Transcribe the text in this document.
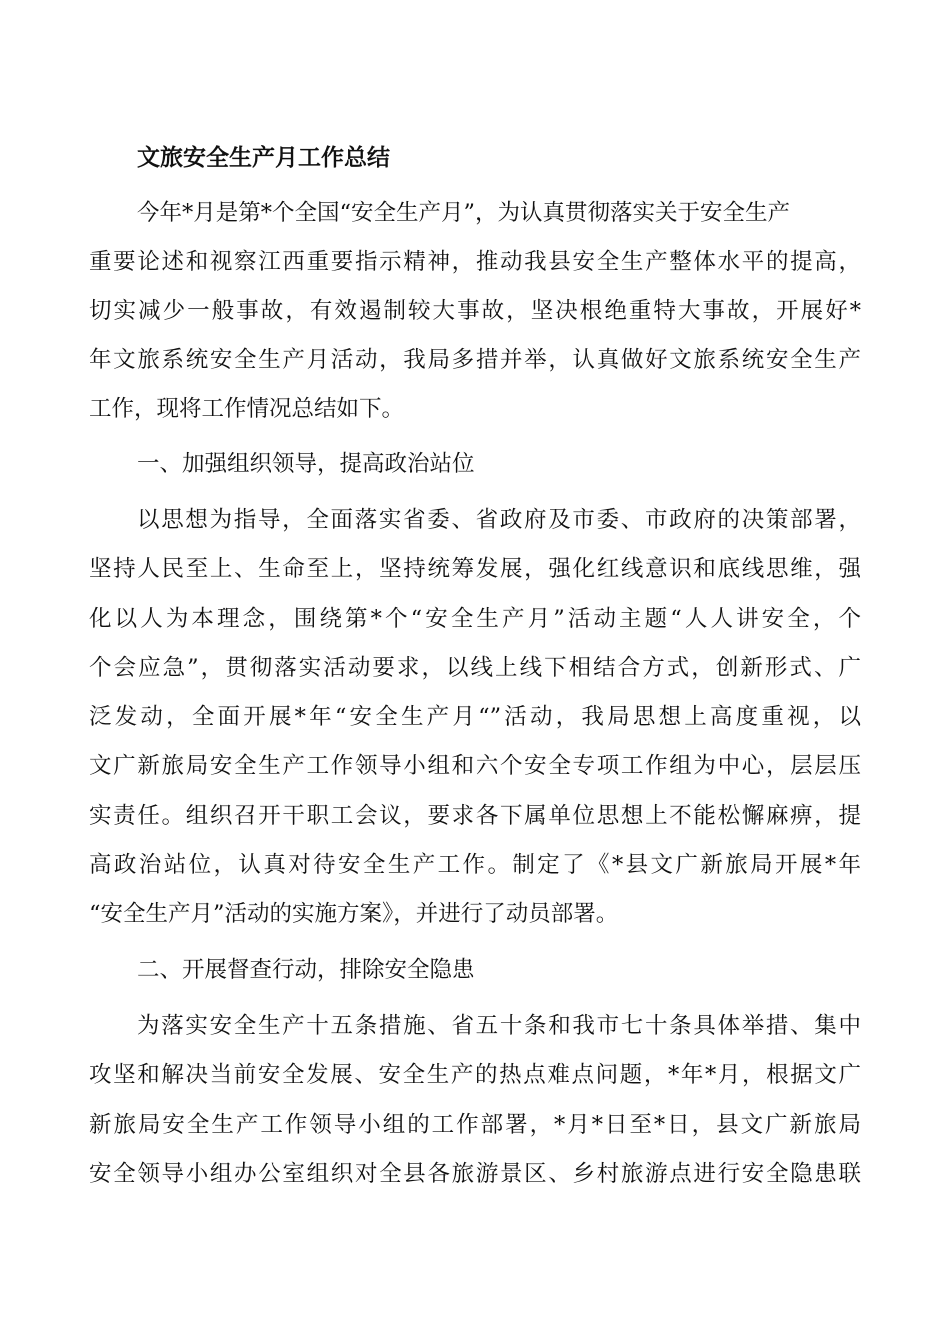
文旅安全生产月工作总结
今年*月是第*个全国“安全生产月”，为认真贯彻落实关于安全生产
重要论述和视察江西重要指示精神，推动我县安全生产整体水平的提高，
切实减少一般事故，有效遏制较大事故，坚决根绝重特大事故，开展好*
年文旅系统安全生产月活动，我局多措并举，认真做好文旅系统安全生产
工作，现将工作情况总结如下。
一、加强组织领导，提高政治站位
以思想为指导，全面落实省委、省政府及市委、市政府的决策部署，
坚持人民至上、生命至上，坚持统筹发展，强化红线意识和底线思维，强
化以人为本理念，围绕第*个“安全生产月”活动主题“人人讲安全，个
个会应急”，贯彻落实活动要求，以线上线下相结合方式，创新形式、广
泛发动，全面开展*年“安全生产月“”活动，我局思想上高度重视，以
文广新旅局安全生产工作领导小组和六个安全专项工作组为中心，层层压
实责任。组织召开干职工会议，要求各下属单位思想上不能松懈麻痹，提
高政治站位，认真对待安全生产工作。制定了《*县文广新旅局开展*年
“安全生产月”活动的实施方案》，并进行了动员部署。
二、开展督查行动，排除安全隐患
为落实安全生产十五条措施、省五十条和我市七十条具体举措、集中
攻坚和解决当前安全发展、安全生产的热点难点问题，*年*月，根据文广
新旅局安全生产工作领导小组的工作部署，*月*日至*日，县文广新旅局
安全领导小组办公室组织对全县各旅游景区、乡村旅游点进行安全隐患联
